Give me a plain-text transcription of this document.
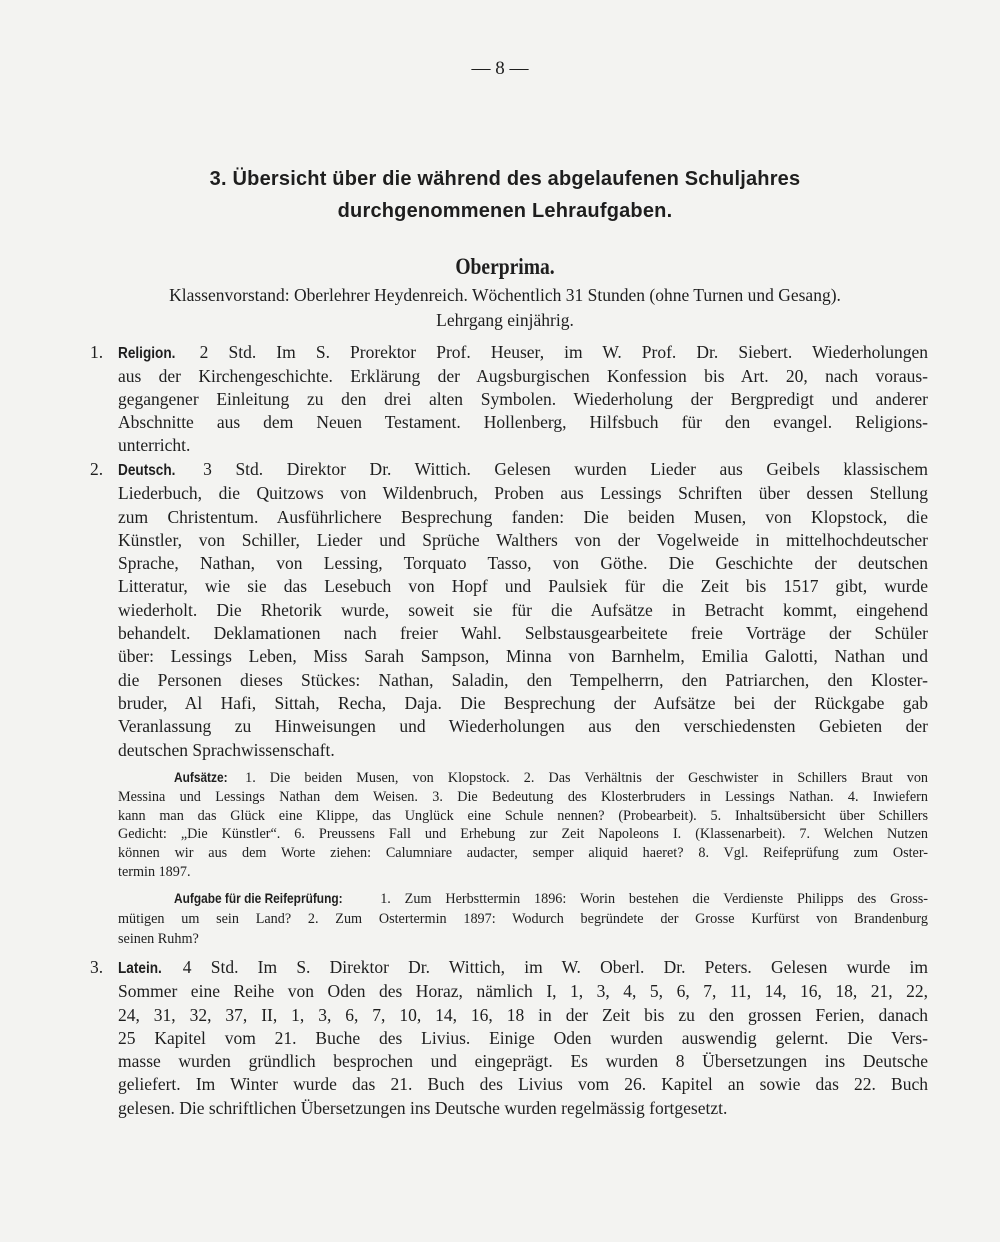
— 8 —
3. Übersicht über die während des abgelaufenen Schuljahres
durchgenommenen Lehraufgaben.
Oberprima.
Klassenvorstand: Oberlehrer Heydenreich. Wöchentlich 31 Stunden (ohne Turnen und Gesang).
Lehrgang einjährig.
1. Religion. 2 Std. Im S. Prorektor Prof. Heuser, im W. Prof. Dr. Siebert. Wiederholungen
aus der Kirchengeschichte. Erklärung der Augsburgischen Konfession bis Art. 20, nach voraus-
gegangener Einleitung zu den drei alten Symbolen. Wiederholung der Bergpredigt und anderer
Abschnitte aus dem Neuen Testament. Hollenberg, Hilfsbuch für den evangel. Religions-
unterricht.
2. Deutsch. 3 Std. Direktor Dr. Wittich. Gelesen wurden Lieder aus Geibels klassischem
Liederbuch, die Quitzows von Wildenbruch, Proben aus Lessings Schriften über dessen Stellung
zum Christentum. Ausführlichere Besprechung fanden: Die beiden Musen, von Klopstock, die
Künstler, von Schiller, Lieder und Sprüche Walthers von der Vogelweide in mittelhochdeutscher
Sprache, Nathan, von Lessing, Torquato Tasso, von Göthe. Die Geschichte der deutschen
Litteratur, wie sie das Lesebuch von Hopf und Paulsiek für die Zeit bis 1517 gibt, wurde
wiederholt. Die Rhetorik wurde, soweit sie für die Aufsätze in Betracht kommt, eingehend
behandelt. Deklamationen nach freier Wahl. Selbstausgearbeitete freie Vorträge der Schüler
über: Lessings Leben, Miss Sarah Sampson, Minna von Barnhelm, Emilia Galotti, Nathan und
die Personen dieses Stückes: Nathan, Saladin, den Tempelherrn, den Patriarchen, den Kloster-
bruder, Al Hafi, Sittah, Recha, Daja. Die Besprechung der Aufsätze bei der Rückgabe gab
Veranlassung zu Hinweisungen und Wiederholungen aus den verschiedensten Gebieten der
deutschen Sprachwissenschaft.
Aufsätze: 1. Die beiden Musen, von Klopstock. 2. Das Verhältnis der Geschwister in Schillers Braut von
Messina und Lessings Nathan dem Weisen. 3. Die Bedeutung des Klosterbruders in Lessings Nathan. 4. Inwiefern
kann man das Glück eine Klippe, das Unglück eine Schule nennen? (Probearbeit). 5. Inhaltsübersicht über Schillers
Gedicht: „Die Künstler“. 6. Preussens Fall und Erhebung zur Zeit Napoleons I. (Klassenarbeit). 7. Welchen Nutzen
können wir aus dem Worte ziehen: Calumniare audacter, semper aliquid haeret? 8. Vgl. Reifeprüfung zum Oster-
termin 1897.
Aufgabe für die Reifeprüfung:	1. Zum Herbsttermin 1896: Worin bestehen die Verdienste Philipps des Gross-
mütigen um sein Land? 2. Zum Ostertermin 1897: Wodurch begründete der Grosse Kurfürst von Brandenburg
seinen Ruhm?
3. Latein. 4 Std. Im S. Direktor Dr. Wittich, im W. Oberl. Dr. Peters. Gelesen wurde im
Sommer eine Reihe von Oden des Horaz, nämlich I, 1, 3, 4, 5, 6, 7, 11, 14, 16, 18, 21, 22,
24, 31, 32, 37, II, 1, 3, 6, 7, 10, 14, 16, 18 in der Zeit bis zu den grossen Ferien, danach
25 Kapitel vom 21. Buche des Livius. Einige Oden wurden auswendig gelernt. Die Vers-
masse wurden gründlich besprochen und eingeprägt. Es wurden 8 Übersetzungen ins Deutsche
geliefert. Im Winter wurde das 21. Buch des Livius vom 26. Kapitel an sowie das 22. Buch
gelesen. Die schriftlichen Übersetzungen ins Deutsche wurden regelmässig fortgesetzt.
